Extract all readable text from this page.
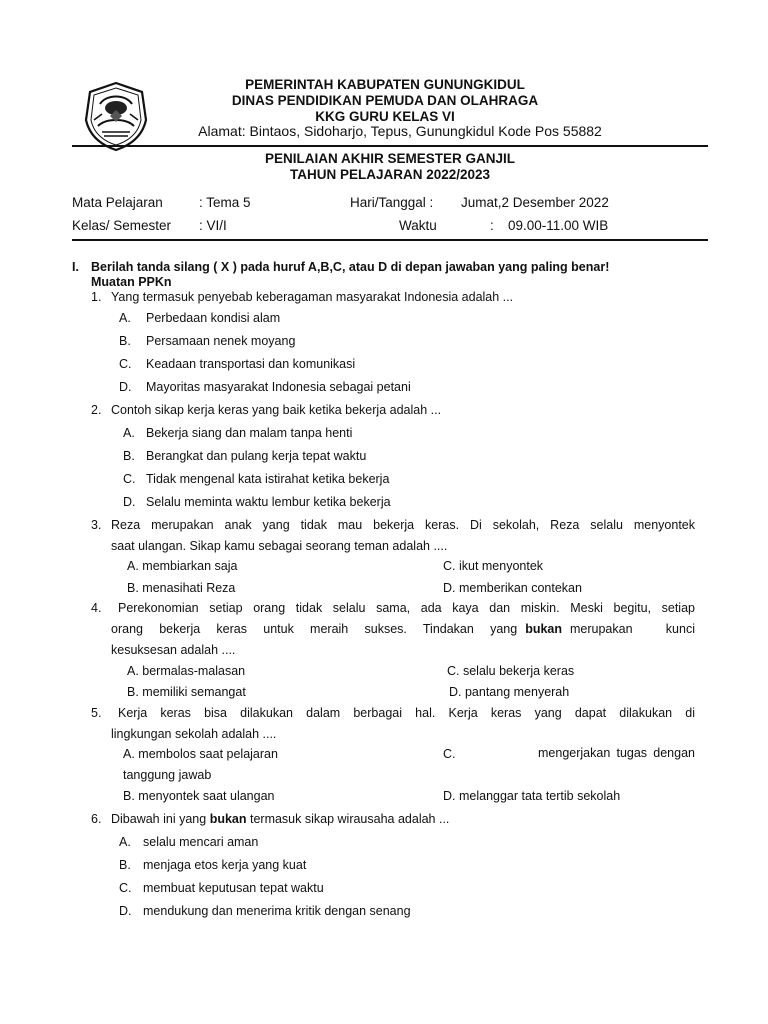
PEMERINTAH KABUPATEN GUNUNGKIDUL
DINAS PENDIDIKAN PEMUDA DAN OLAHRAGA
KKG GURU KELAS VI
Alamat: Bintaos, Sidoharjo, Tepus, Gunungkidul Kode Pos 55882
PENILAIAN AKHIR SEMESTER GANJIL
TAHUN PELAJARAN 2022/2023
Mata Pelajaran	: Tema 5	Hari/Tanggal : Jumat,2 Desember 2022
Kelas/ Semester : VI/I	Waktu	: 09.00-11.00 WIB
I. Berilah tanda silang ( X ) pada huruf A,B,C, atau D di depan jawaban yang paling benar!
Muatan PPKn
1. Yang termasuk penyebab keberagaman masyarakat Indonesia adalah ...
A. Perbedaan kondisi alam
B. Persamaan nenek moyang
C. Keadaan transportasi dan komunikasi
D. Mayoritas masyarakat Indonesia sebagai petani
2. Contoh sikap kerja keras yang baik ketika bekerja adalah ...
A. Bekerja siang dan malam tanpa henti
B. Berangkat dan pulang kerja tepat waktu
C. Tidak mengenal kata istirahat ketika bekerja
D. Selalu meminta waktu lembur ketika bekerja
3. Reza merupakan anak yang tidak mau bekerja keras. Di sekolah, Reza selalu menyontek
saat ulangan. Sikap kamu sebagai seorang teman adalah ....
A. membiarkan saja	C. ikut menyontek
B. menasihati Reza	D. memberikan contekan
4. Perekonomian setiap orang tidak selalu sama, ada kaya dan miskin. Meski begitu, setiap
orang bekerja keras untuk meraih sukses. Tindakan yang bukan merupakan kunci
kesuksesan adalah ....
A. bermalas-malasan	C. selalu bekerja keras
B. memiliki semangat	D. pantang menyerah
5. Kerja keras bisa dilakukan dalam berbagai hal. Kerja keras yang dapat dilakukan di
lingkungan sekolah adalah ....
A. membolos saat pelajaran	C.	mengerjakan tugas dengan
tanggung jawab
B. menyontek saat ulangan	D. melanggar tata tertib sekolah
6. Dibawah ini yang bukan termasuk sikap wirausaha adalah ...
A. selalu mencari aman
B. menjaga etos kerja yang kuat
C. membuat keputusan tepat waktu
D. mendukung dan menerima kritik dengan senang
